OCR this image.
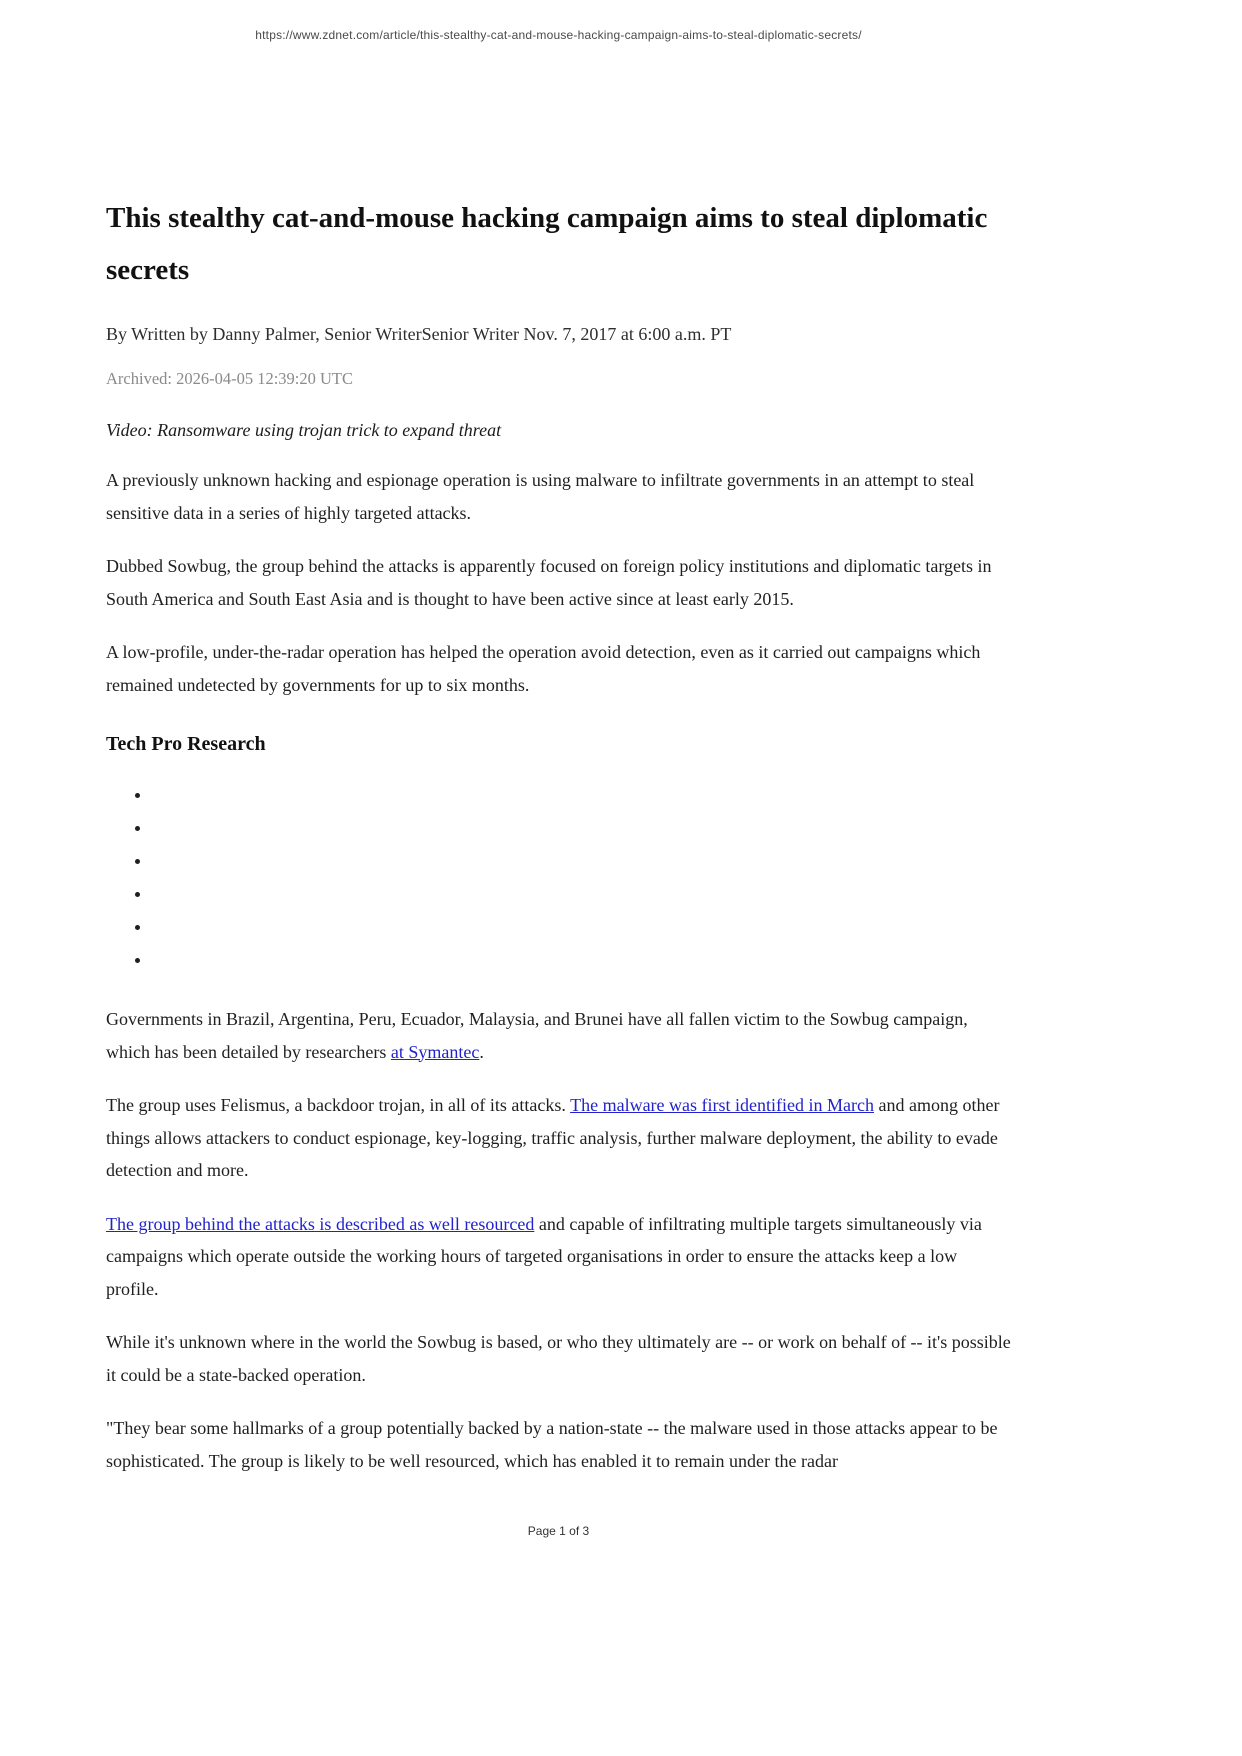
https://www.zdnet.com/article/this-stealthy-cat-and-mouse-hacking-campaign-aims-to-steal-diplomatic-secrets/
This stealthy cat-and-mouse hacking campaign aims to steal diplomatic secrets

By Written by Danny Palmer, Senior WriterSenior Writer Nov. 7, 2017 at 6:00 a.m. PT

Archived: 2026-04-05 12:39:20 UTC

Video: Ransomware using trojan trick to expand threat

A previously unknown hacking and espionage operation is using malware to infiltrate governments in an attempt to steal sensitive data in a series of highly targeted attacks.

Dubbed Sowbug, the group behind the attacks is apparently focused on foreign policy institutions and diplomatic targets in South America and South East Asia and is thought to have been active since at least early 2015.

A low-profile, under-the-radar operation has helped the operation avoid detection, even as it carried out campaigns which remained undetected by governments for up to six months.

Tech Pro Research
•
•
•
•
•
•

Governments in Brazil, Argentina, Peru, Ecuador, Malaysia, and Brunei have all fallen victim to the Sowbug campaign, which has been detailed by researchers at Symantec.

The group uses Felismus, a backdoor trojan, in all of its attacks. The malware was first identified in March and among other things allows attackers to conduct espionage, key-logging, traffic analysis, further malware deployment, the ability to evade detection and more.

The group behind the attacks is described as well resourced and capable of infiltrating multiple targets simultaneously via campaigns which operate outside the working hours of targeted organisations in order to ensure the attacks keep a low profile.

While it's unknown where in the world the Sowbug is based, or who they ultimately are -- or work on behalf of -- it's possible it could be a state-backed operation.

"They bear some hallmarks of a group potentially backed by a nation-state -- the malware used in those attacks appear to be sophisticated. The group is likely to be well resourced, which has enabled it to remain under the radar

Page 1 of 3
